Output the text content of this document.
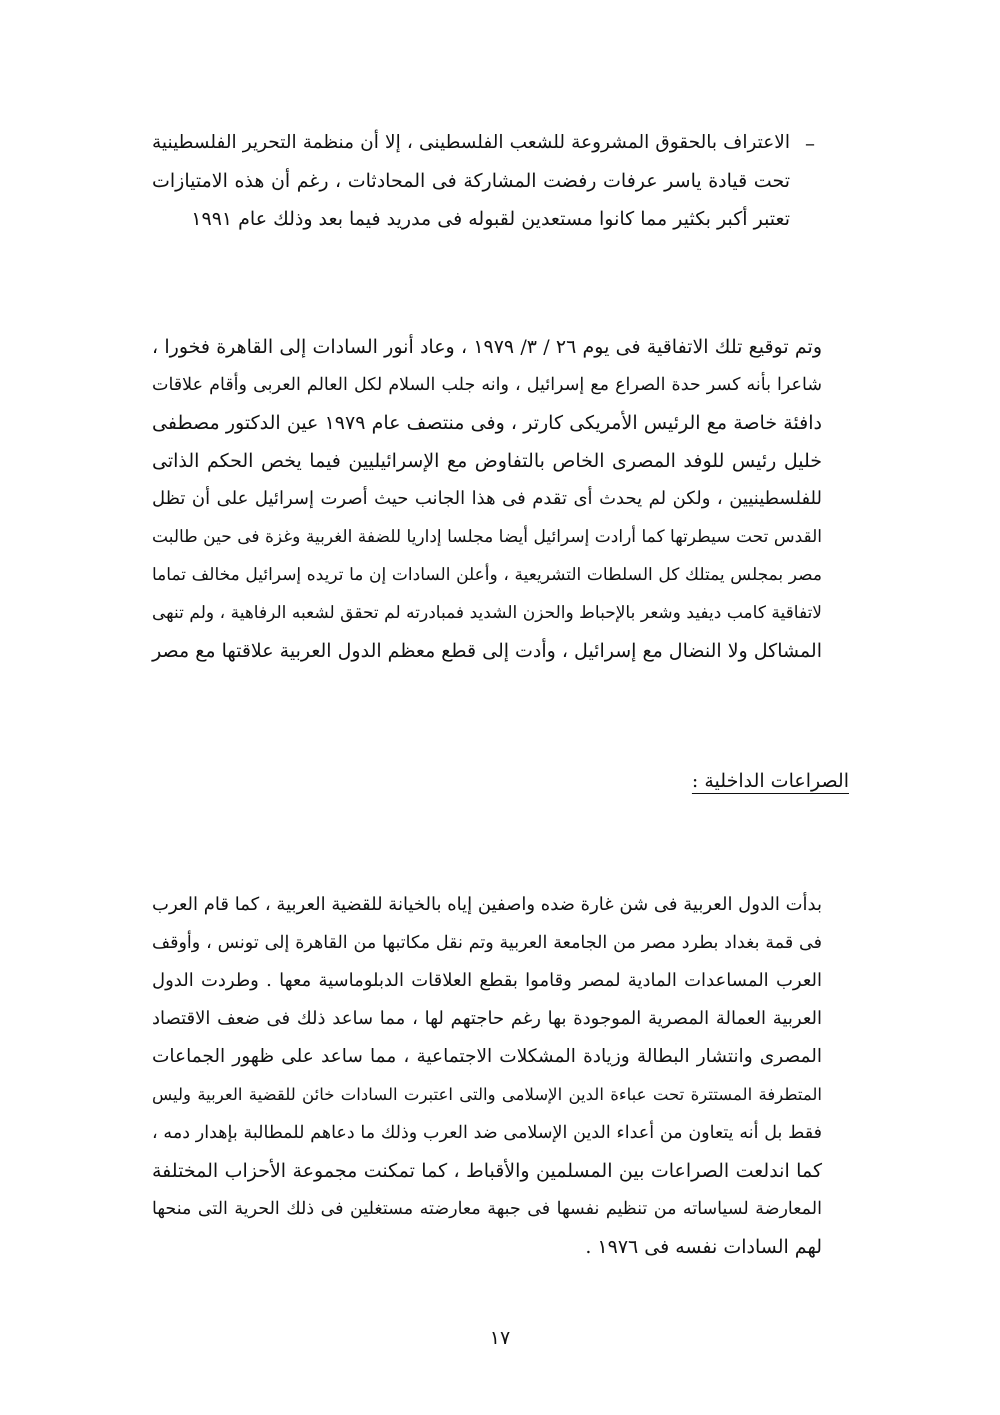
–
الاعتراف بالحقوق المشروعة للشعب الفلسطينى ، إلا أن منظمة التحرير الفلسطينية
تحت قيادة ياسر عرفات رفضت المشاركة فى المحادثات ، رغم أن هذه الامتيازات
تعتبر أكبر بكثير مما كانوا مستعدين لقبوله فى مدريد فيما بعد وذلك عام ١٩٩١
وتم توقيع تلك الاتفاقية فى يوم ٢٦ / ٣/ ١٩٧٩ ، وعاد أنور السادات إلى القاهرة فخورا ،
شاعرا بأنه كسر حدة الصراع مع إسرائيل ، وانه جلب السلام لكل العالم العربى وأقام علاقات
دافئة خاصة مع الرئيس الأمريكى كارتر ، وفى منتصف عام ١٩٧٩ عين الدكتور مصطفى
خليل رئيس للوفد المصرى الخاص بالتفاوض مع الإسرائيليين فيما يخص الحكم الذاتى
للفلسطينيين ، ولكن لم يحدث أى تقدم فى هذا الجانب حيث أصرت إسرائيل على أن تظل
القدس تحت سيطرتها كما أرادت إسرائيل أيضا مجلسا إداريا للضفة الغربية وغزة فى حين طالبت
مصر بمجلس يمتلك كل السلطات التشريعية ، وأعلن السادات إن ما تريده إسرائيل مخالف تماما
لاتفاقية كامب ديفيد وشعر بالإحباط والحزن الشديد فمبادرته لم تحقق لشعبه الرفاهية ، ولم تنهى
المشاكل ولا النضال مع إسرائيل ، وأدت إلى قطع معظم الدول العربية علاقتها مع مصر
الصراعات الداخلية :
بدأت الدول العربية فى شن غارة ضده واصفين إياه بالخيانة للقضية العربية ، كما قام العرب
فى قمة بغداد بطرد مصر من الجامعة العربية وتم نقل مكاتبها من القاهرة إلى تونس ، وأوقف
العرب المساعدات المادية لمصر وقاموا بقطع العلاقات الدبلوماسية معها . وطردت الدول
العربية العمالة المصرية الموجودة بها رغم حاجتهم لها ، مما ساعد ذلك فى ضعف الاقتصاد
المصرى وانتشار البطالة وزيادة المشكلات الاجتماعية ، مما ساعد على ظهور الجماعات
المتطرفة المستترة تحت عباءة الدين الإسلامى والتى اعتبرت السادات خائن للقضية العربية وليس
فقط بل أنه يتعاون من أعداء الدين الإسلامى ضد العرب وذلك ما دعاهم للمطالبة بإهدار دمه ،
كما اندلعت الصراعات بين المسلمين والأقباط ، كما تمكنت مجموعة الأحزاب المختلفة
المعارضة لسياساته من تنظيم نفسها فى جبهة معارضته مستغلين فى ذلك الحرية التى منحها
لهم السادات نفسه فى ١٩٧٦ .
١٧
